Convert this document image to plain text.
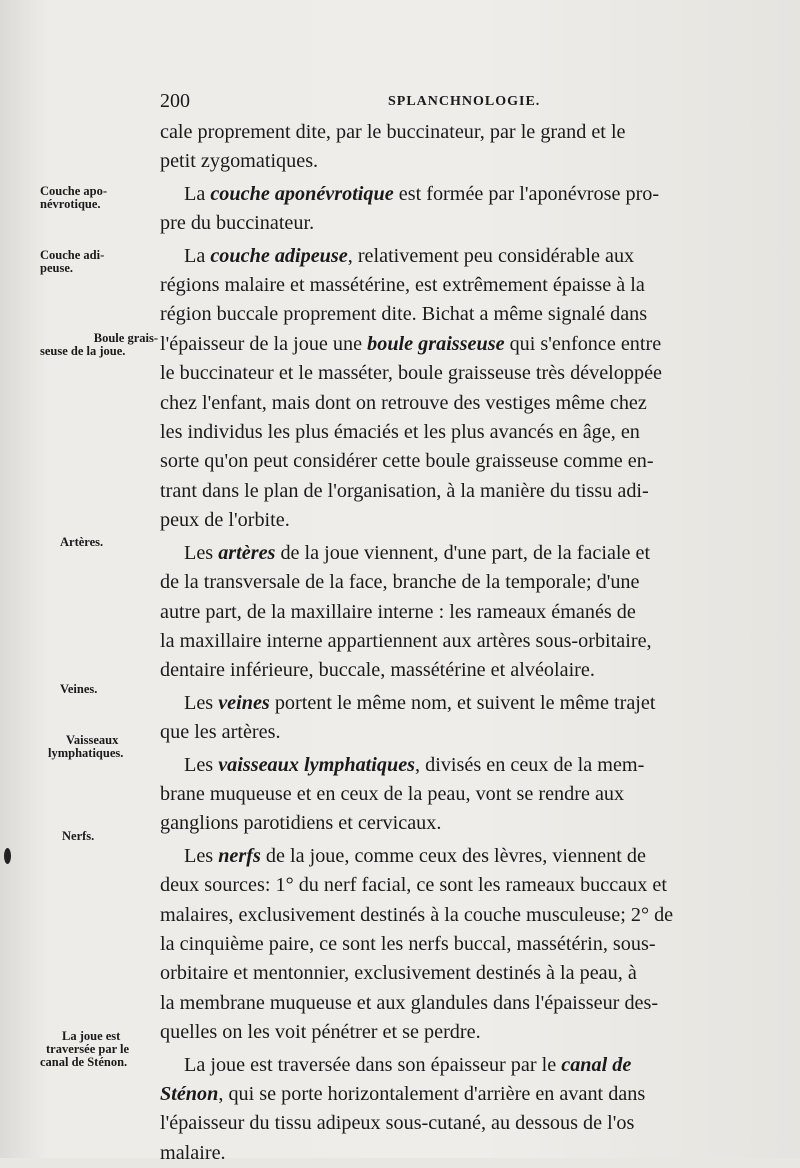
200	SPLANCHNOLOGIE.
Couche apo-
névrotique.
Couche adi-
peuse.
Boule grais-
seuse de la joue.
Artères.
Veines.
Vaisseaux
lymphatiques.
Nerfs.
La joue est
traversée par le
canal de Sténon.
cale proprement dite, par le buccinateur, par le grand et le
petit zygomatiques.
La couche aponévrotique est formée par l'aponévrose pro-
pre du buccinateur.
La couche adipeuse, relativement peu considérable aux
régions malaire et massétérine, est extrêmement épaisse à la
région buccale proprement dite. Bichat a même signalé dans
l'épaisseur de la joue une boule graisseuse qui s'enfonce entre
le buccinateur et le masséter, boule graisseuse très développée
chez l'enfant, mais dont on retrouve des vestiges même chez
les individus les plus émaciés et les plus avancés en âge, en
sorte qu'on peut considérer cette boule graisseuse comme en-
trant dans le plan de l'organisation, à la manière du tissu adi-
peux de l'orbite.
Les artères de la joue viennent, d'une part, de la faciale et
de la transversale de la face, branche de la temporale; d'une
autre part, de la maxillaire interne : les rameaux émanés de
la maxillaire interne appartiennent aux artères sous-orbitaire,
dentaire inférieure, buccale, massétérine et alvéolaire.
Les veines portent le même nom, et suivent le même trajet
que les artères.
Les vaisseaux lymphatiques, divisés en ceux de la mem-
brane muqueuse et en ceux de la peau, vont se rendre aux
ganglions parotidiens et cervicaux.
Les nerfs de la joue, comme ceux des lèvres, viennent de
deux sources: 1° du nerf facial, ce sont les rameaux buccaux et
malaires, exclusivement destinés à la couche musculeuse; 2° de
la cinquième paire, ce sont les nerfs buccal, massétérin, sous-
orbitaire et mentonnier, exclusivement destinés à la peau, à
la membrane muqueuse et aux glandules dans l'épaisseur des-
quelles on les voit pénétrer et se perdre.
La joue est traversée dans son épaisseur par le canal de
Sténon, qui se porte horizontalement d'arrière en avant dans
l'épaisseur du tissu adipeux sous-cutané, au dessous de l'os
malaire.
